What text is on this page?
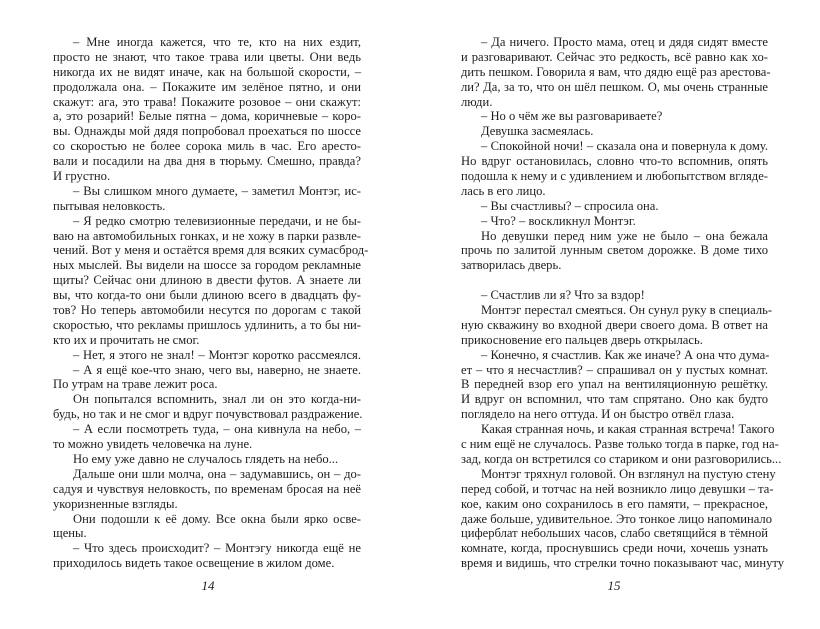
– Мне иногда кажется, что те, кто на них ездит,
просто не знают, что такое трава или цветы. Они ведь
никогда их не видят иначе, как на большой скорости, –
продолжала она. – Покажите им зелёное пятно, и они
скажут: ага, это трава! Покажите розовое – они скажут:
а, это розарий! Белые пятна – дома, коричневые – коро-
вы. Однажды мой дядя попробовал проехаться по шоссе
со скоростью не более сорока миль в час. Его аресто-
вали и посадили на два дня в тюрьму. Смешно, правда?
И грустно.
– Вы слишком много думаете, – заметил Монтэг, ис-
пытывая неловкость.
– Я редко смотрю телевизионные передачи, и не бы-
ваю на автомобильных гонках, и не хожу в парки развле-
чений. Вот у меня и остаётся время для всяких сумасброд-
ных мыслей. Вы видели на шоссе за городом рекламные
щиты? Сейчас они длиною в двести футов. А знаете ли
вы, что когда-то они были длиною всего в двадцать фу-
тов? Но теперь автомобили несутся по дорогам с такой
скоростью, что рекламы пришлось удлинить, а то бы ни-
кто их и прочитать не смог.
– Нет, я этого не знал! – Монтэг коротко рассмеялся.
– А я ещё кое-что знаю, чего вы, наверно, не знаете.
По утрам на траве лежит роса.
Он попытался вспомнить, знал ли он это когда-ни-
будь, но так и не смог и вдруг почувствовал раздражение.
– А если посмотреть туда, – она кивнула на небо, –
то можно увидеть человечка на луне.
Но ему уже давно не случалось глядеть на небо...
Дальше они шли молча, она – задумавшись, он – до-
садуя и чувствуя неловкость, по временам бросая на неё
укоризненные взгляды.
Они подошли к её дому. Все окна были ярко осве-
щены.
– Что здесь происходит? – Монтэгу никогда ещё не
приходилось видеть такое освещение в жилом доме.
14
– Да ничего. Просто мама, отец и дядя сидят вместе
и разговаривают. Сейчас это редкость, всё равно как хо-
дить пешком. Говорила я вам, что дядю ещё раз арестова-
ли? Да, за то, что он шёл пешком. О, мы очень странные
люди.
– Но о чём же вы разговариваете?
Девушка засмеялась.
– Спокойной ночи! – сказала она и повернула к дому.
Но вдруг остановилась, словно что-то вспомнив, опять
подошла к нему и с удивлением и любопытством вгляде-
лась в его лицо.
– Вы счастливы? – спросила она.
– Что? – воскликнул Монтэг.
Но девушки перед ним уже не было – она бежала
прочь по залитой лунным светом дорожке. В доме тихо
затворилась дверь.
– Счастлив ли я? Что за вздор!
Монтэг перестал смеяться. Он сунул руку в специаль-
ную скважину во входной двери своего дома. В ответ на
прикосновение его пальцев дверь открылась.
– Конечно, я счастлив. Как же иначе? А она что дума-
ет – что я несчастлив? – спрашивал он у пустых комнат.
В передней взор его упал на вентиляционную решётку.
И вдруг он вспомнил, что там спрятано. Оно как будто
поглядело на него оттуда. И он быстро отвёл глаза.
Какая странная ночь, и какая странная встреча! Такого
с ним ещё не случалось. Разве только тогда в парке, год на-
зад, когда он встретился со стариком и они разговорились...
Монтэг тряхнул головой. Он взглянул на пустую стену
перед собой, и тотчас на ней возникло лицо девушки – та-
кое, каким оно сохранилось в его памяти, – прекрасное,
даже больше, удивительное. Это тонкое лицо напоминало
циферблат небольших часов, слабо светящийся в тёмной
комнате, когда, проснувшись среди ночи, хочешь узнать
время и видишь, что стрелки точно показывают час, минуту
15
